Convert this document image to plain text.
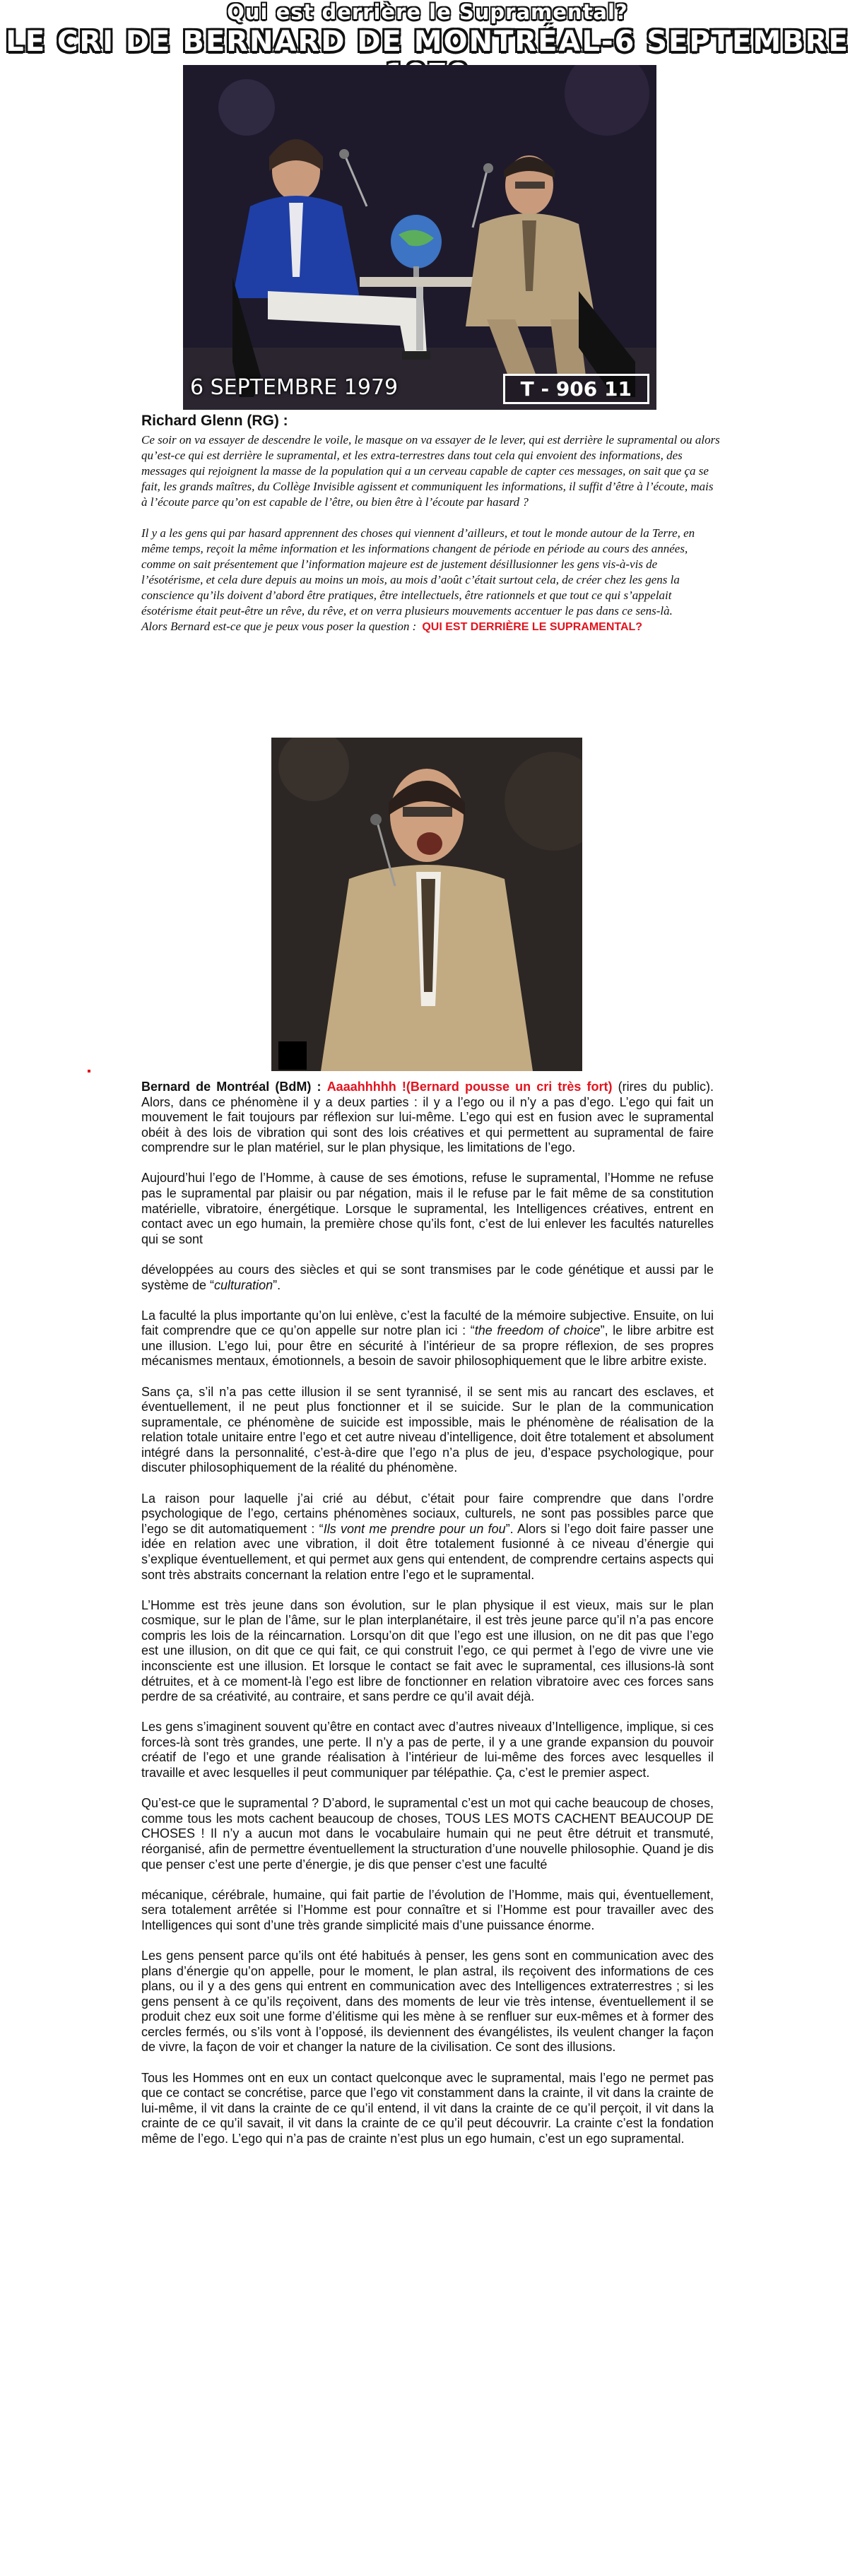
Qui est derrière le Supramental?
LE CRI DE BERNARD DE MONTRÉAL-6 SEPTEMBRE
6 SEPTEMBRE 1979	T - 906 11
Richard Glenn (RG) :

Ce soir on va essayer de descendre le voile, le masque on va essayer de le lever, qui est derrière le supramental ou alors qu’est-ce qui est derrière le supramental, et les extra-terrestres dans tout cela qui envoient des informations, des messages qui rejoignent la masse de la population qui a un cerveau capable de capter ces messages, on sait que ça se fait, les grands maîtres, du Collège Invisible agissent et communiquent les informations, il suffit d’être à l’écoute, mais à l’écoute parce qu’on est capable de l’être, ou bien être à l’écoute par hasard ?

Il y a les gens qui par hasard apprennent des choses qui viennent d’ailleurs, et tout le monde autour de la Terre, en même temps, reçoit la même information et les informations changent de période en période au cours des années, comme on sait présentement que l’information majeure est de justement désillusionner les gens vis-à-vis de l’ésotérisme, et cela dure depuis au moins un mois, au mois d’août c’était surtout cela, de créer chez les gens la conscience qu’ils doivent d’abord être pratiques, être intellectuels, être rationnels et que tout ce qui s’appelait ésotérisme était peut-être un rêve, du rêve, et on verra plusieurs mouvements accentuer le pas dans ce sens-là.

Alors Bernard est-ce que je peux vous poser la question : QUI EST DERRIÈRE LE SUPRAMENTAL?

Bernard de Montréal (BdM) : Aaaahhhhh !(Bernard pousse un cri très fort) (rires du public). Alors, dans ce phénomène il y a deux parties : il y a l’ego ou il n’y a pas d’ego. L’ego qui fait un mouvement le fait toujours par réflexion sur lui-même. L’ego qui est en fusion avec le supramental obéit à des lois de vibration qui sont des lois créatives et qui permettent au supramental de faire comprendre sur le plan matériel, sur le plan physique, les limitations de l’ego.

Aujourd’hui l’ego de l’Homme, à cause de ses émotions, refuse le supramental, l’Homme ne refuse pas le supramental par plaisir ou par négation, mais il le refuse par le fait même de sa constitution matérielle, vibratoire, énergétique. Lorsque le supramental, les Intelligences créatives, entrent en contact avec un ego humain, la première chose qu’ils font, c’est de lui enlever les facultés naturelles qui se sont

développées au cours des siècles et qui se sont transmises par le code génétique et aussi par le système de “culturation”.

La faculté la plus importante qu’on lui enlève, c’est la faculté de la mémoire subjective. Ensuite, on lui fait comprendre que ce qu’on appelle sur notre plan ici : “the freedom of choice”, le libre arbitre est une illusion. L’ego lui, pour être en sécurité à l’intérieur de sa propre réflexion, de ses propres mécanismes mentaux, émotionnels, a besoin de savoir philosophiquement que le libre arbitre existe.

Sans ça, s’il n’a pas cette illusion il se sent tyrannisé, il se sent mis au rancart des esclaves, et éventuellement, il ne peut plus fonctionner et il se suicide. Sur le plan de la communication supramentale, ce phénomène de suicide est impossible, mais le phénomène de réalisation de la relation totale unitaire entre l’ego et cet autre niveau d’intelligence, doit être totalement et absolument intégré dans la personnalité, c’est-à-dire que l’ego n’a plus de jeu, d’espace psychologique, pour discuter philosophiquement de la réalité du phénomène.

La raison pour laquelle j’ai crié au début, c’était pour faire comprendre que dans l’ordre psychologique de l’ego, certains phénomènes sociaux, culturels, ne sont pas possibles parce que l’ego se dit automatiquement : “Ils vont me prendre pour un fou”. Alors si l’ego doit faire passer une idée en relation avec une vibration, il doit être totalement fusionné à ce niveau d’énergie qui s’explique éventuellement, et qui permet aux gens qui entendent, de comprendre certains aspects qui sont très abstraits concernant la relation entre l’ego et le supramental.

L’Homme est très jeune dans son évolution, sur le plan physique il est vieux, mais sur le plan cosmique, sur le plan de l’âme, sur le plan interplanétaire, il est très jeune parce qu’il n’a pas encore compris les lois de la réincarnation. Lorsqu’on dit que l’ego est une illusion, on ne dit pas que l’ego est une illusion, on dit que ce qui fait, ce qui construit l’ego, ce qui permet à l’ego de vivre une vie inconsciente est une illusion. Et lorsque le contact se fait avec le supramental, ces illusions-là sont détruites, et à ce moment-là l’ego est libre de fonctionner en relation vibratoire avec ces forces sans perdre de sa créativité, au contraire, et sans perdre ce qu’il avait déjà.

Les gens s’imaginent souvent qu’être en contact avec d’autres niveaux d’Intelligence, implique, si ces forces-là sont très grandes, une perte. Il n’y a pas de perte, il y a une grande expansion du pouvoir créatif de l’ego et une grande réalisation à l’intérieur de lui-même des forces avec lesquelles il travaille et avec lesquelles il peut communiquer par télépathie. Ça, c’est le premier aspect.

Qu’est-ce que le supramental ? D’abord, le supramental c’est un mot qui cache beaucoup de choses, comme tous les mots cachent beaucoup de choses, TOUS LES MOTS CACHENT BEAUCOUP DE CHOSES ! Il n’y a aucun mot dans le vocabulaire humain qui ne peut être détruit et transmuté, réorganisé, afin de permettre éventuellement la structuration d’une nouvelle philosophie. Quand je dis que penser c’est une perte d’énergie, je dis que penser c’est une faculté

mécanique, cérébrale, humaine, qui fait partie de l’évolution de l’Homme, mais qui, éventuellement, sera totalement arrêtée si l’Homme est pour connaître et si l’Homme est pour travailler avec des Intelligences qui sont d’une très grande simplicité mais d’une puissance énorme.

Les gens pensent parce qu’ils ont été habitués à penser, les gens sont en communication avec des plans d’énergie qu’on appelle, pour le moment, le plan astral, ils reçoivent des informations de ces plans, ou il y a des gens qui entrent en communication avec des Intelligences extraterrestres ; si les gens pensent à ce qu’ils reçoivent, dans des moments de leur vie très intense, éventuellement il se produit chez eux soit une forme d’élitisme qui les mène à se renfluer sur eux-mêmes et à former des cercles fermés, ou s’ils vont à l’opposé, ils deviennent des évangélistes, ils veulent changer la façon de vivre, la façon de voir et changer la nature de la civilisation. Ce sont des illusions.

Tous les Hommes ont en eux un contact quelconque avec le supramental, mais l’ego ne permet pas que ce contact se concrétise, parce que l’ego vit constamment dans la crainte, il vit dans la crainte de lui-même, il vit dans la crainte de ce qu’il entend, il vit dans la crainte de ce qu’il perçoit, il vit dans la crainte de ce qu’il savait, il vit dans la crainte de ce qu’il peut découvrir. La crainte c’est la fondation même de l’ego. L’ego qui n’a pas de crainte n’est plus un ego humain, c’est un ego supramental.
